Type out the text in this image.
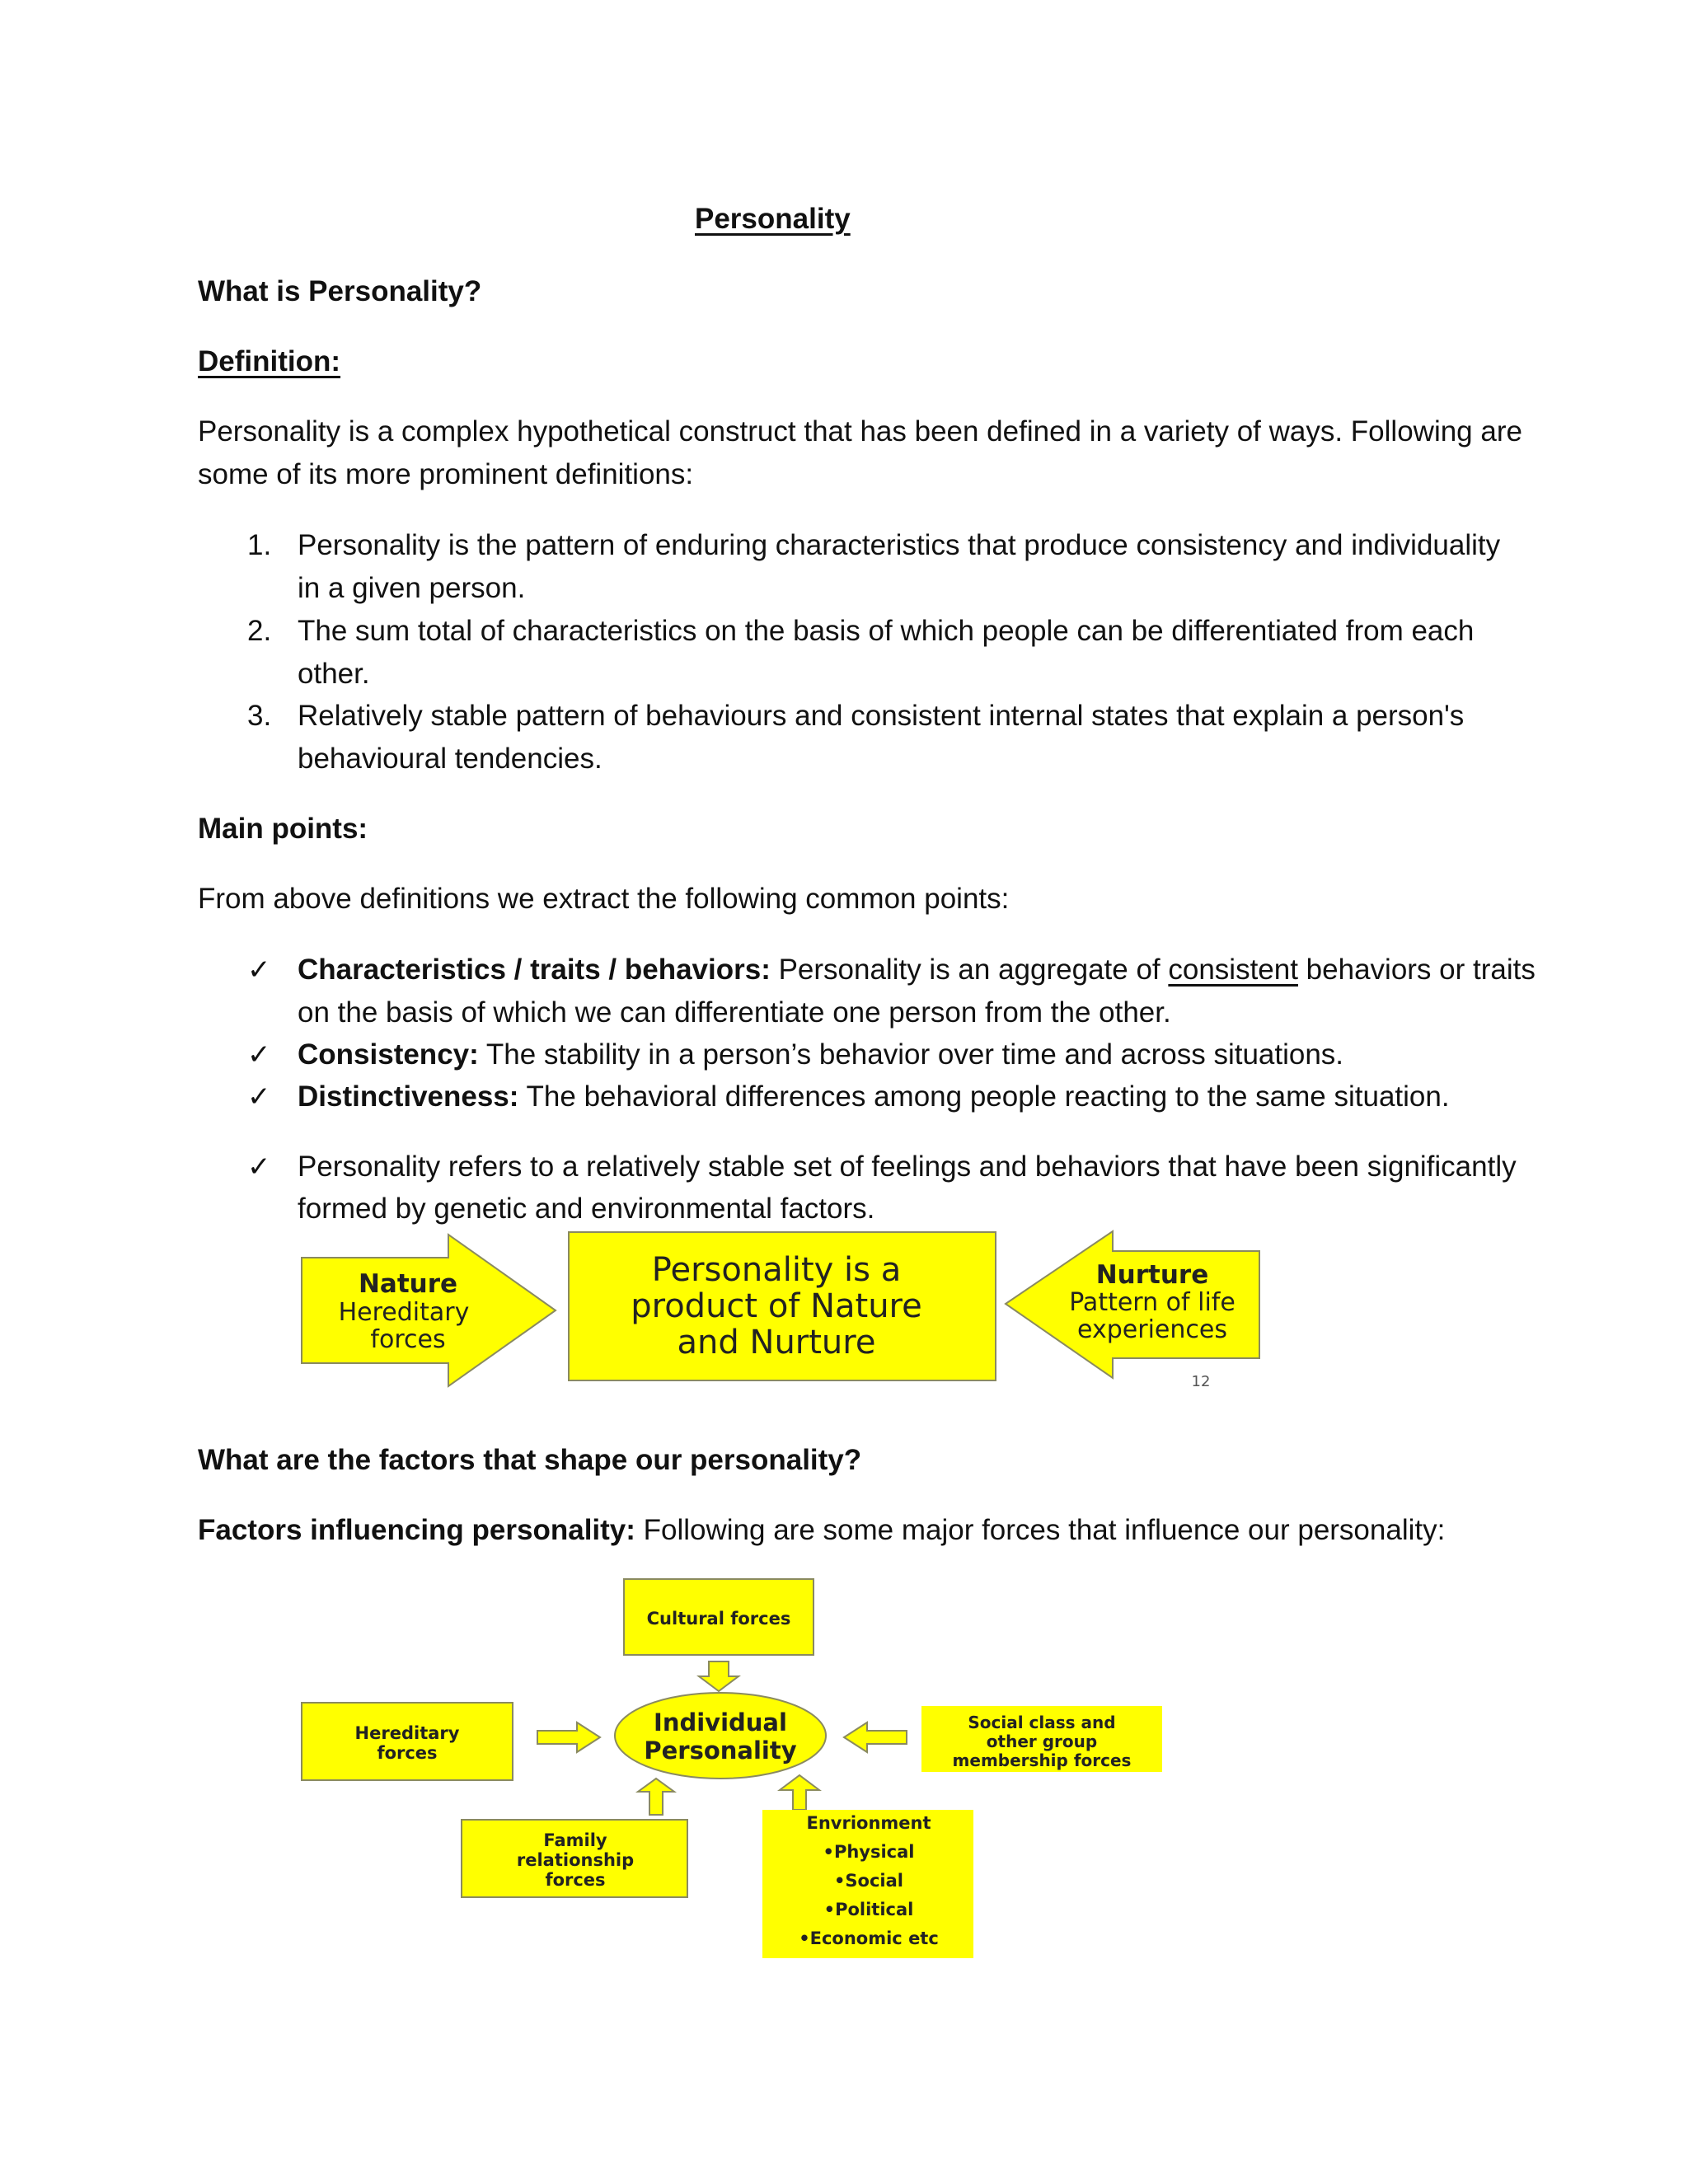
Personality
What is Personality?
Definition:
Personality is a complex hypothetical construct that has been defined in a variety of ways. Following are
some of its more prominent definitions:
1. Personality is the pattern of enduring characteristics that produce consistency and individuality
in a given person.
2. The sum total of characteristics on the basis of which people can be differentiated from each
other.
3. Relatively stable pattern of behaviours and consistent internal states that explain a person's
behavioural tendencies.
Main points:
From above definitions we extract the following common points:
✓ Characteristics / traits / behaviors: Personality is an aggregate of consistent behaviors or traits
on the basis of which we can differentiate one person from the other.
✓ Consistency: The stability in a person’s behavior over time and across situations.
✓ Distinctiveness: The behavioral differences among people reacting to the same situation.
✓ Personality refers to a relatively stable set of feelings and behaviors that have been significantly
formed by genetic and environmental factors.
Nature
Hereditary
forces
Personality is a
product of Nature
and Nurture
Nurture
Pattern of life
experiences
12
What are the factors that shape our personality?
Factors influencing personality: Following are some major forces that influence our personality:
Cultural forces
Individual
Personality
Hereditary
forces
Social class and
other group
membership forces
Family
relationship
forces
Envrionment
•Physical
•Social
•Political
•Economic etc
